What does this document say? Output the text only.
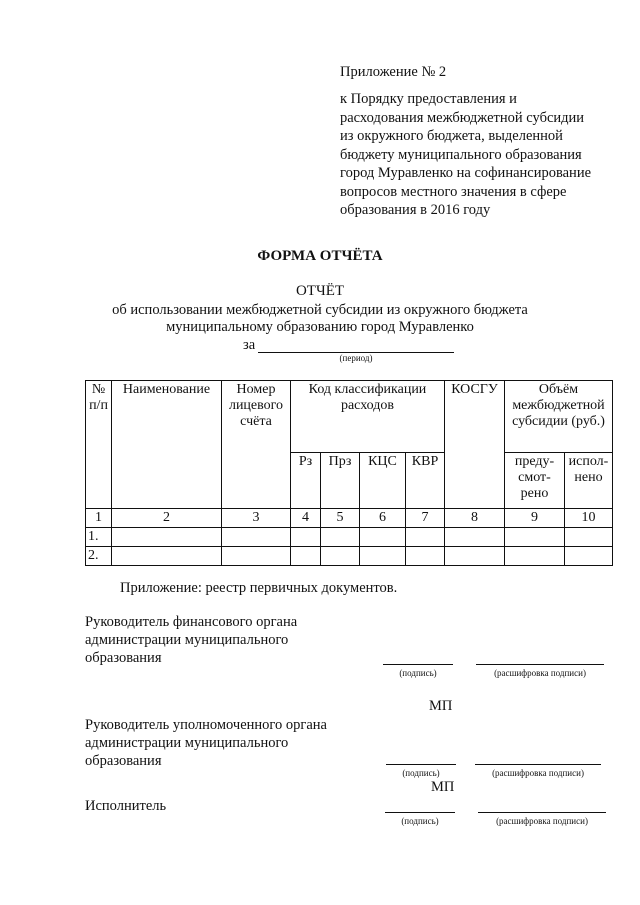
Приложение № 2
к Порядку предоставления и
расходования межбюджетной субсидии
из окружного бюджета, выделенной
бюджету муниципального образования
город Муравленко на софинансирование
вопросов местного значения в сфере
образования в 2016 году
ФОРМА ОТЧЁТА
ОТЧЁТ
об использовании межбюджетной субсидии из окружного бюджета
муниципальному образованию город Муравленко
за
(период)
№ п/п	Наименование	Номер лицевого счёта	Код классификации расходов				КОСГУ	Объём межбюджетной субсидии (руб.)	
			Рз	Прз	КЦС	КВР		преду-смот-рено	испол-нено
1	2	3	4	5	6	7	8	9	10
1.									
2.									
Приложение: реестр первичных документов.
Руководитель финансового органа
администрации муниципального
образования
(подпись)	(расшифровка подписи)
МП
Руководитель уполномоченного органа
администрации муниципального
образования
(подпись)	(расшифровка подписи)
МП
Исполнитель
(подпись)	(расшифровка подписи)
